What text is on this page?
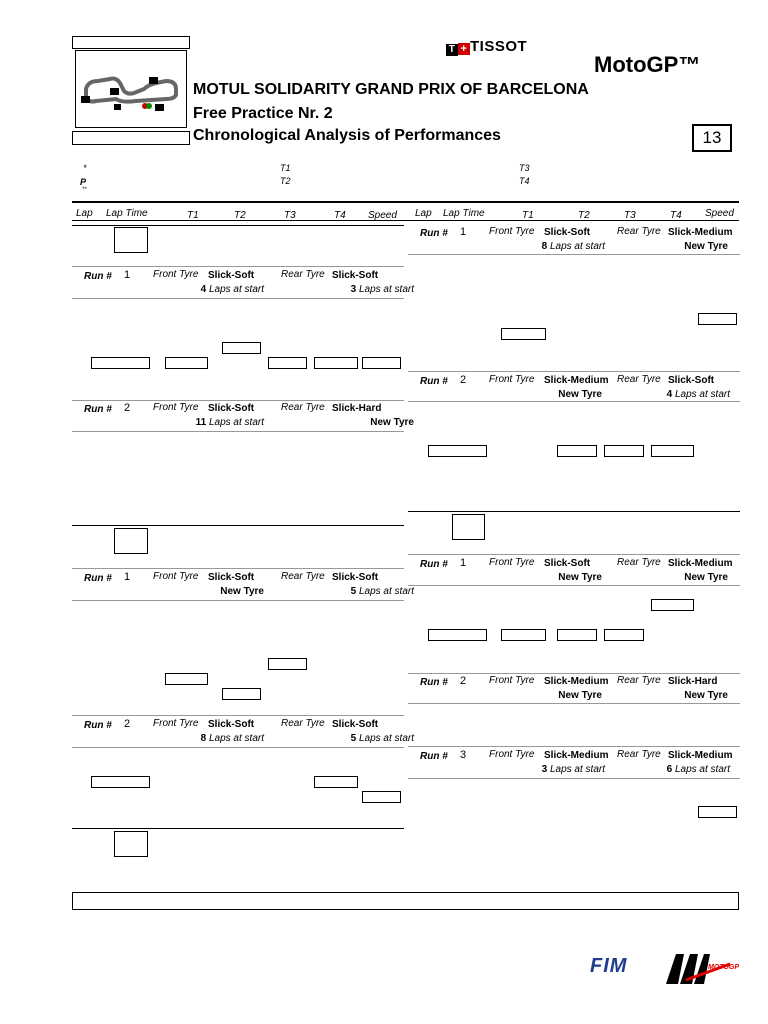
T + TISSOT
MotoGP™
MOTUL SOLIDARITY GRAND PRIX OF BARCELONA
Free Practice Nr. 2
Chronological Analysis of Performances	13
*
P
**
T1
T2
T3
T4
Lap Lap Time	T1	T2	T3	T4 Speed Lap Lap Time	T1	T2	T3	T4 Speed
Run # 1 Front Tyre Slick-Soft	Rear Tyre Slick-Soft
4 Laps at start	3 Laps at start
Run # 2 Front Tyre Slick-Soft	Rear Tyre Slick-Hard
11 Laps at start	New Tyre
Run # 1 Front Tyre Slick-Soft	Rear Tyre Slick-Soft
New Tyre	5 Laps at start
Run # 2 Front Tyre Slick-Soft	Rear Tyre Slick-Soft
8 Laps at start	5 Laps at start
Run # 1 Front Tyre Slick-Soft	Rear Tyre Slick-Medium
8 Laps at start	New Tyre
Run # 2 Front Tyre Slick-Medium Rear Tyre Slick-Soft
New Tyre	4 Laps at start
Run # 1 Front Tyre Slick-Soft	Rear Tyre Slick-Medium
New Tyre	New Tyre
Run # 2 Front Tyre Slick-Medium Rear Tyre Slick-Hard
New Tyre	New Tyre
Run # 3 Front Tyre Slick-Medium Rear Tyre Slick-Medium
3 Laps at start	6 Laps at start
FIM	MOTOGP
